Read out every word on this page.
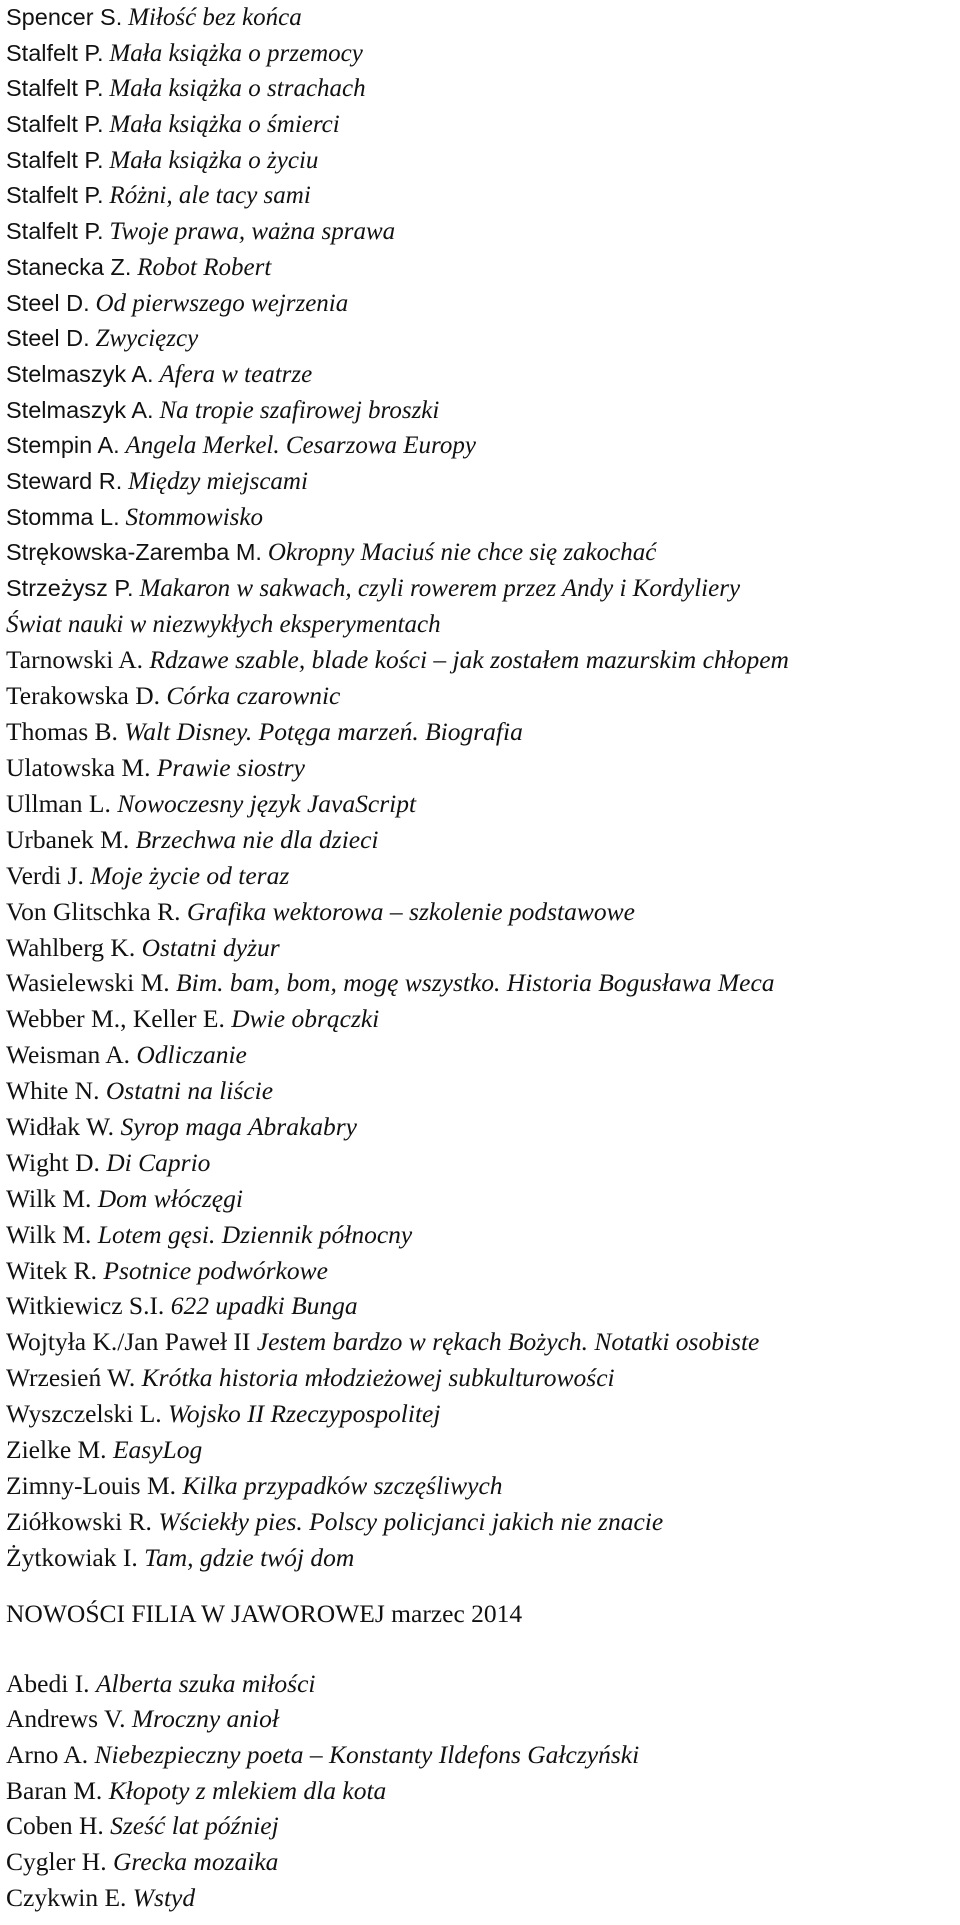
Spencer S. Miłość bez końca
Stalfelt P. Mała książka o przemocy
Stalfelt P. Mała książka o strachach
Stalfelt P. Mała książka o śmierci
Stalfelt P. Mała książka o życiu
Stalfelt P. Różni, ale tacy sami
Stalfelt P. Twoje prawa, ważna sprawa
Stanecka Z. Robot Robert
Steel D. Od pierwszego wejrzenia
Steel D. Zwycięzcy
Stelmaszyk A. Afera w teatrze
Stelmaszyk A. Na tropie szafirowej broszki
Stempin A. Angela Merkel. Cesarzowa Europy
Steward R. Między miejscami
Stomma L. Stommowisko
Strękowska-Zaremba M. Okropny Maciuś nie chce się zakochać
Strzeżysz P. Makaron w sakwach, czyli rowerem przez Andy i Kordyliery
Świat nauki w niezwykłych eksperymentach
Tarnowski A. Rdzawe szable, blade kości – jak zostałem mazurskim chłopem
Terakowska D. Córka czarownic
Thomas B. Walt Disney. Potęga marzeń. Biografia
Ulatowska M. Prawie siostry
Ullman L. Nowoczesny język JavaScript
Urbanek M. Brzechwa nie dla dzieci
Verdi J. Moje życie od teraz
Von Glitschka R. Grafika wektorowa – szkolenie podstawowe
Wahlberg K. Ostatni dyżur
Wasielewski M. Bim. bam, bom, mogę wszystko. Historia Bogusława Meca
Webber M., Keller E. Dwie obrączki
Weisman A. Odliczanie
White N. Ostatni na liście
Widłak W. Syrop maga Abrakabry
Wight D. Di Caprio
Wilk M. Dom włóczęgi
Wilk M. Lotem gęsi. Dziennik północny
Witek R. Psotnice podwórkowe
Witkiewicz S.I. 622 upadki Bunga
Wojtyła K./Jan Paweł II Jestem bardzo w rękach Bożych. Notatki osobiste
Wrzesień W. Krótka historia młodzieżowej subkulturowości
Wyszczelski L. Wojsko II Rzeczypospolitej
Zielke M. EasyLog
Zimny-Louis M. Kilka przypadków szczęśliwych
Ziółkowski R. Wściekły pies. Polscy policjanci jakich nie znacie
Żytkowiak I. Tam, gdzie twój dom
NOWOŚCI FILIA W JAWOROWEJ marzec 2014
Abedi I. Alberta szuka miłości
Andrews V. Mroczny anioł
Arno A. Niebezpieczny poeta – Konstanty Ildefons Gałczyński
Baran M. Kłopoty z mlekiem dla kota
Coben H. Sześć lat później
Cygler H. Grecka mozaika
Czykwin E. Wstyd
